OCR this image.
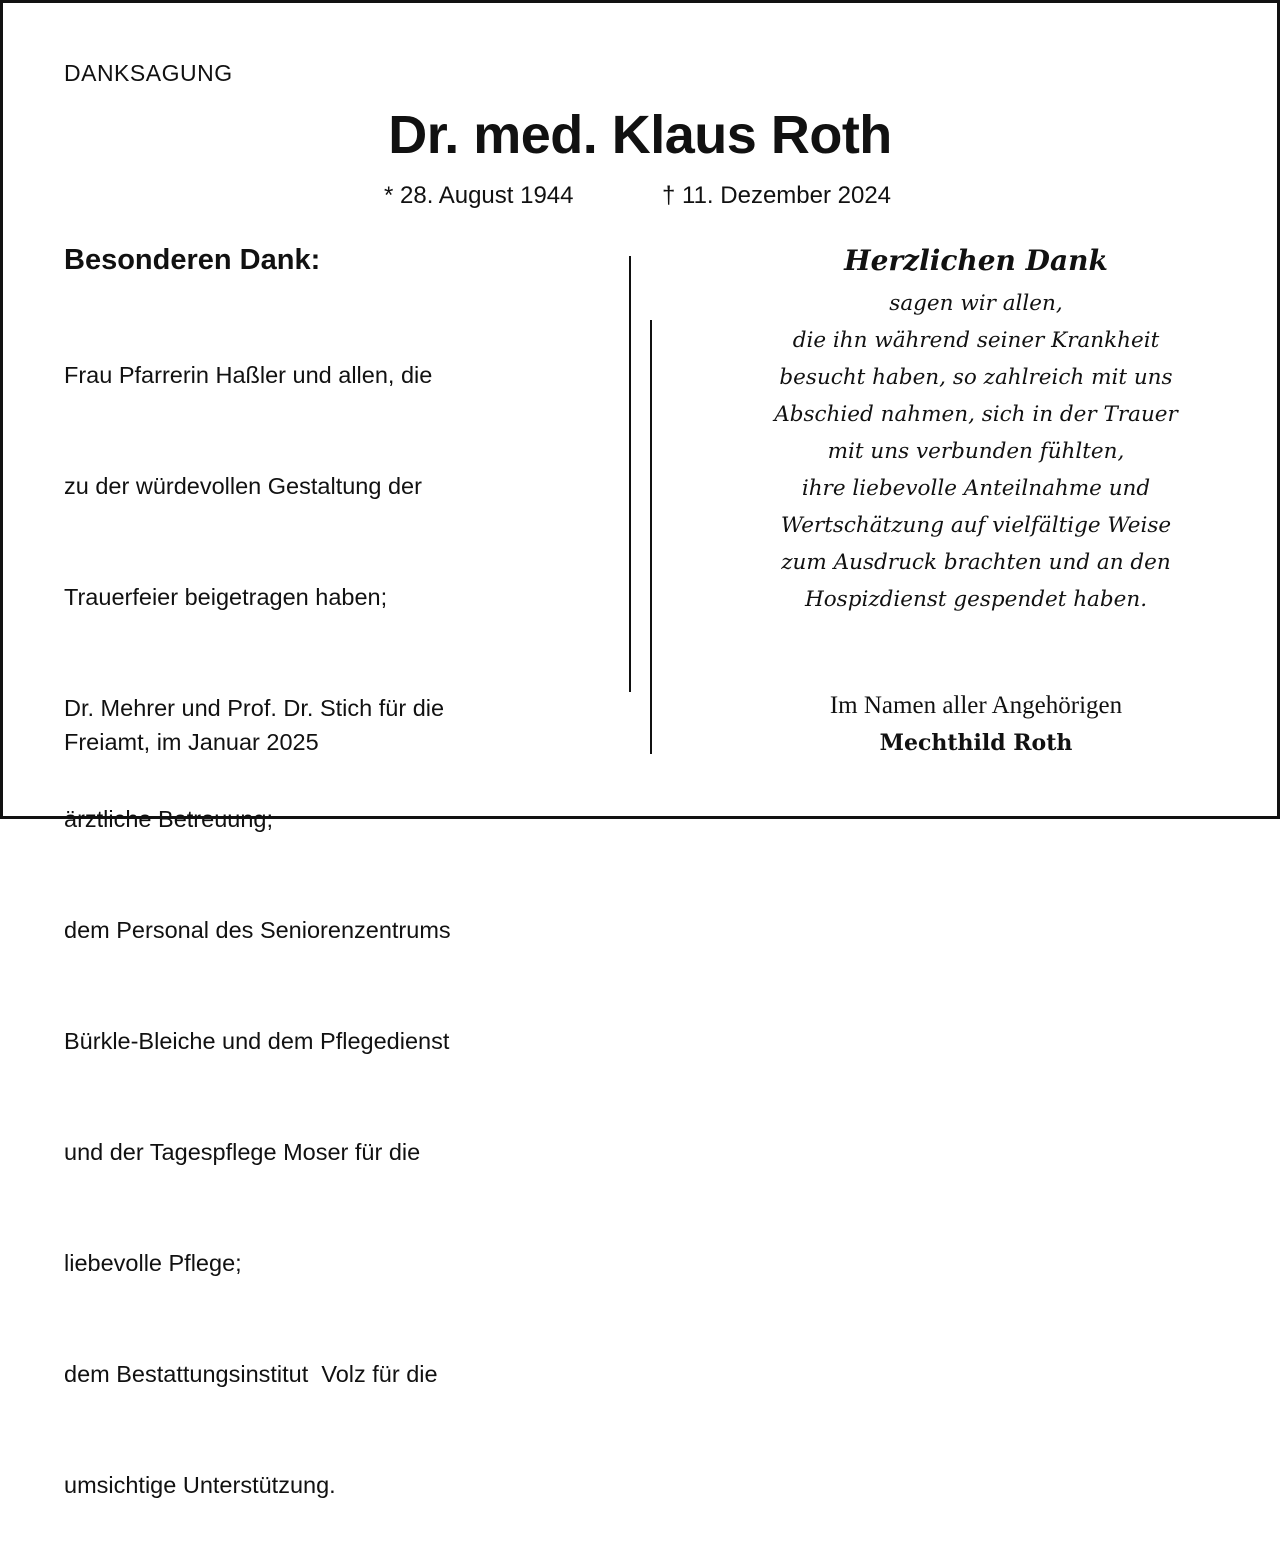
DANKSAGUNG
Dr. med. Klaus Roth
* 28. August 1944	† 11. Dezember 2024
Besonderen Dank:

Frau Pfarrerin Haßler und allen, die

zu der würdevollen Gestaltung der

Trauerfeier beigetragen haben;

Dr. Mehrer und Prof. Dr. Stich für die

ärztliche Betreuung;

dem Personal des Seniorenzentrums

Bürkle-Bleiche und dem Pflegedienst

und der Tagespflege Moser für die

liebevolle Pflege;

dem Bestattungsinstitut  Volz für die

umsichtige Unterstützung.

Freiamt, im Januar 2025
Herzlichen Dank
sagen wir allen,
die ihn während seiner Krankheit
besucht haben, so zahlreich mit uns
Abschied nahmen, sich in der Trauer
mit uns verbunden fühlten,
ihre liebevolle Anteilnahme und
Wertschätzung auf vielfältige Weise
zum Ausdruck brachten und an den
Hospizdienst gespendet haben.
Im Namen aller Angehörigen
Mechthild Roth
